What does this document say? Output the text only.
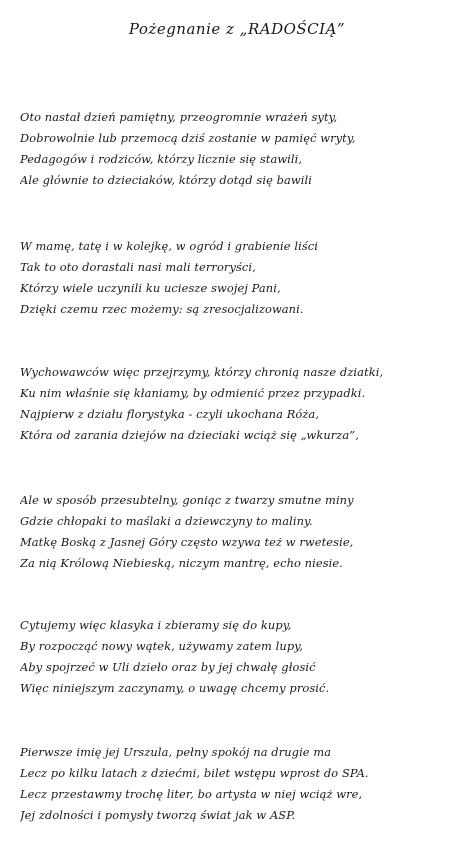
Pożegnanie z „RADOŚCIĄ”
Oto nastał dzień pamiętny, przeogromnie wrażeń syty,
Dobrowolnie lub przemocą dziś zostanie w pamięć wryty,
Pedagogów i rodziców, którzy licznie się stawili,
Ale głównie to dzieciaków, którzy dotąd się bawili
W mamę, tatę i w kolejkę, w ogród i grabienie liści
Tak to oto dorastali nasi mali terroryści,
Którzy wiele uczynili ku uciesze swojej Pani,
Dzięki czemu rzec możemy: są zresocjalizowani.
Wychowawców więc przejrzymy, którzy chronią nasze dziatki,
Ku nim właśnie się kłaniamy, by odmienić przez przypadki.
Najpierw z działu florystyka - czyli ukochana Róża,
Która od zarania dziejów na dzieciaki wciąż się „wkurza”,
Ale w sposób przesubtelny, goniąc z twarzy smutne miny
Gdzie chłopaki to maślaki a dziewczyny to maliny.
Matkę Boską z Jasnej Góry często wzywa też w rwetesie,
Za nią Królową Niebieską, niczym mantrę, echo niesie.
Cytujemy więc klasyka i zbieramy się do kupy,
By rozpocząć nowy wątek, używamy zatem lupy,
Aby spojrzeć w Uli dzieło oraz by jej chwałę głosić
Więc niniejszym zaczynamy, o uwagę chcemy prosić.
Pierwsze imię jej Urszula, pełny spokój na drugie ma
Lecz po kilku latach z dziećmi, bilet wstępu wprost do SPA.
Lecz przestawmy trochę liter, bo artysta w niej wciąż wre,
Jej zdolności i pomysły tworzą świat jak w ASP.
